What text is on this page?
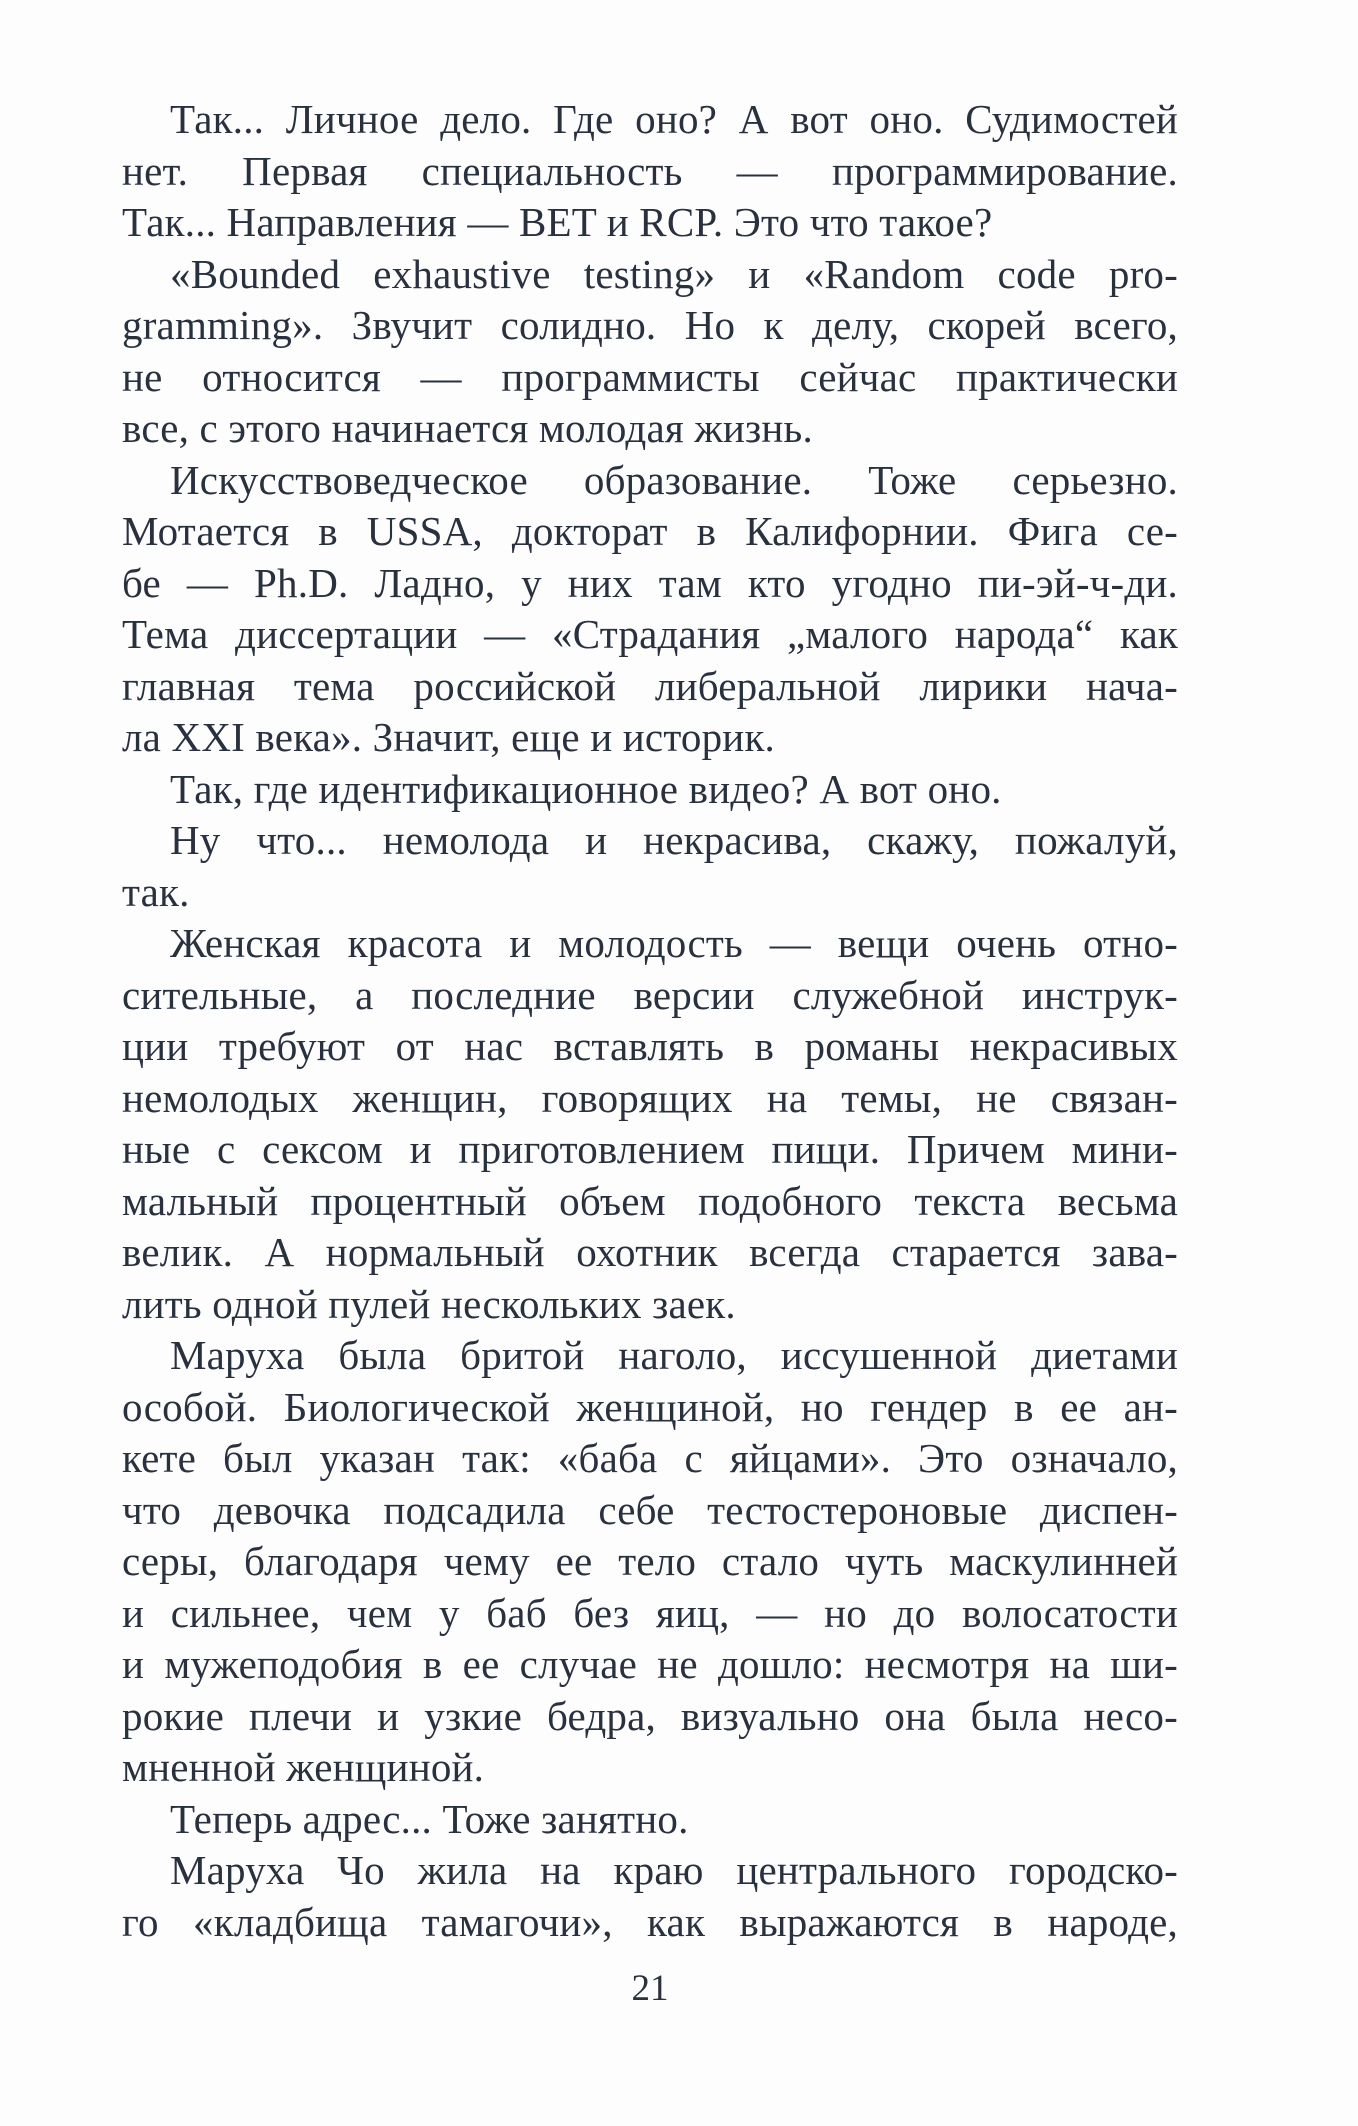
Так... Личное дело. Где оно? А вот оно. Судимостей
нет. Первая специальность — программирование.
Так... Направления — BET и RCP. Это что такое?
«Bounded exhaustive testing» и «Random code pro-
gramming». Звучит солидно. Но к делу, скорей всего,
не относится — программисты сейчас практически
все, с этого начинается молодая жизнь.
Искусствоведческое образование. Тоже серьезно.
Мотается в USSA, докторат в Калифорнии. Фига се-
бе — Ph.D. Ладно, у них там кто угодно пи-эй-ч-ди.
Тема диссертации — «Страдания „малого народа“ как
главная тема российской либеральной лирики нача-
ла XXI века». Значит, еще и историк.
Так, где идентификационное видео? А вот оно.
Ну что... немолода и некрасива, скажу, пожалуй,
так.
Женская красота и молодость — вещи очень отно-
сительные, а последние версии служебной инструк-
ции требуют от нас вставлять в романы некрасивых
немолодых женщин, говорящих на темы, не связан-
ные с сексом и приготовлением пищи. Причем мини-
мальный процентный объем подобного текста весьма
велик. А нормальный охотник всегда старается зава-
лить одной пулей нескольких заек.
Маруха была бритой наголо, иссушенной диетами
особой. Биологической женщиной, но гендер в ее ан-
кете был указан так: «баба с яйцами». Это означало,
что девочка подсадила себе тестостероновые диспен-
серы, благодаря чему ее тело стало чуть маскулинней
и сильнее, чем у баб без яиц, — но до волосатости
и мужеподобия в ее случае не дошло: несмотря на ши-
рокие плечи и узкие бедра, визуально она была несо-
мненной женщиной.
Теперь адрес... Тоже занятно.
Маруха Чо жила на краю центрального городско-
го «кладбища тамагочи», как выражаются в народе,
21
